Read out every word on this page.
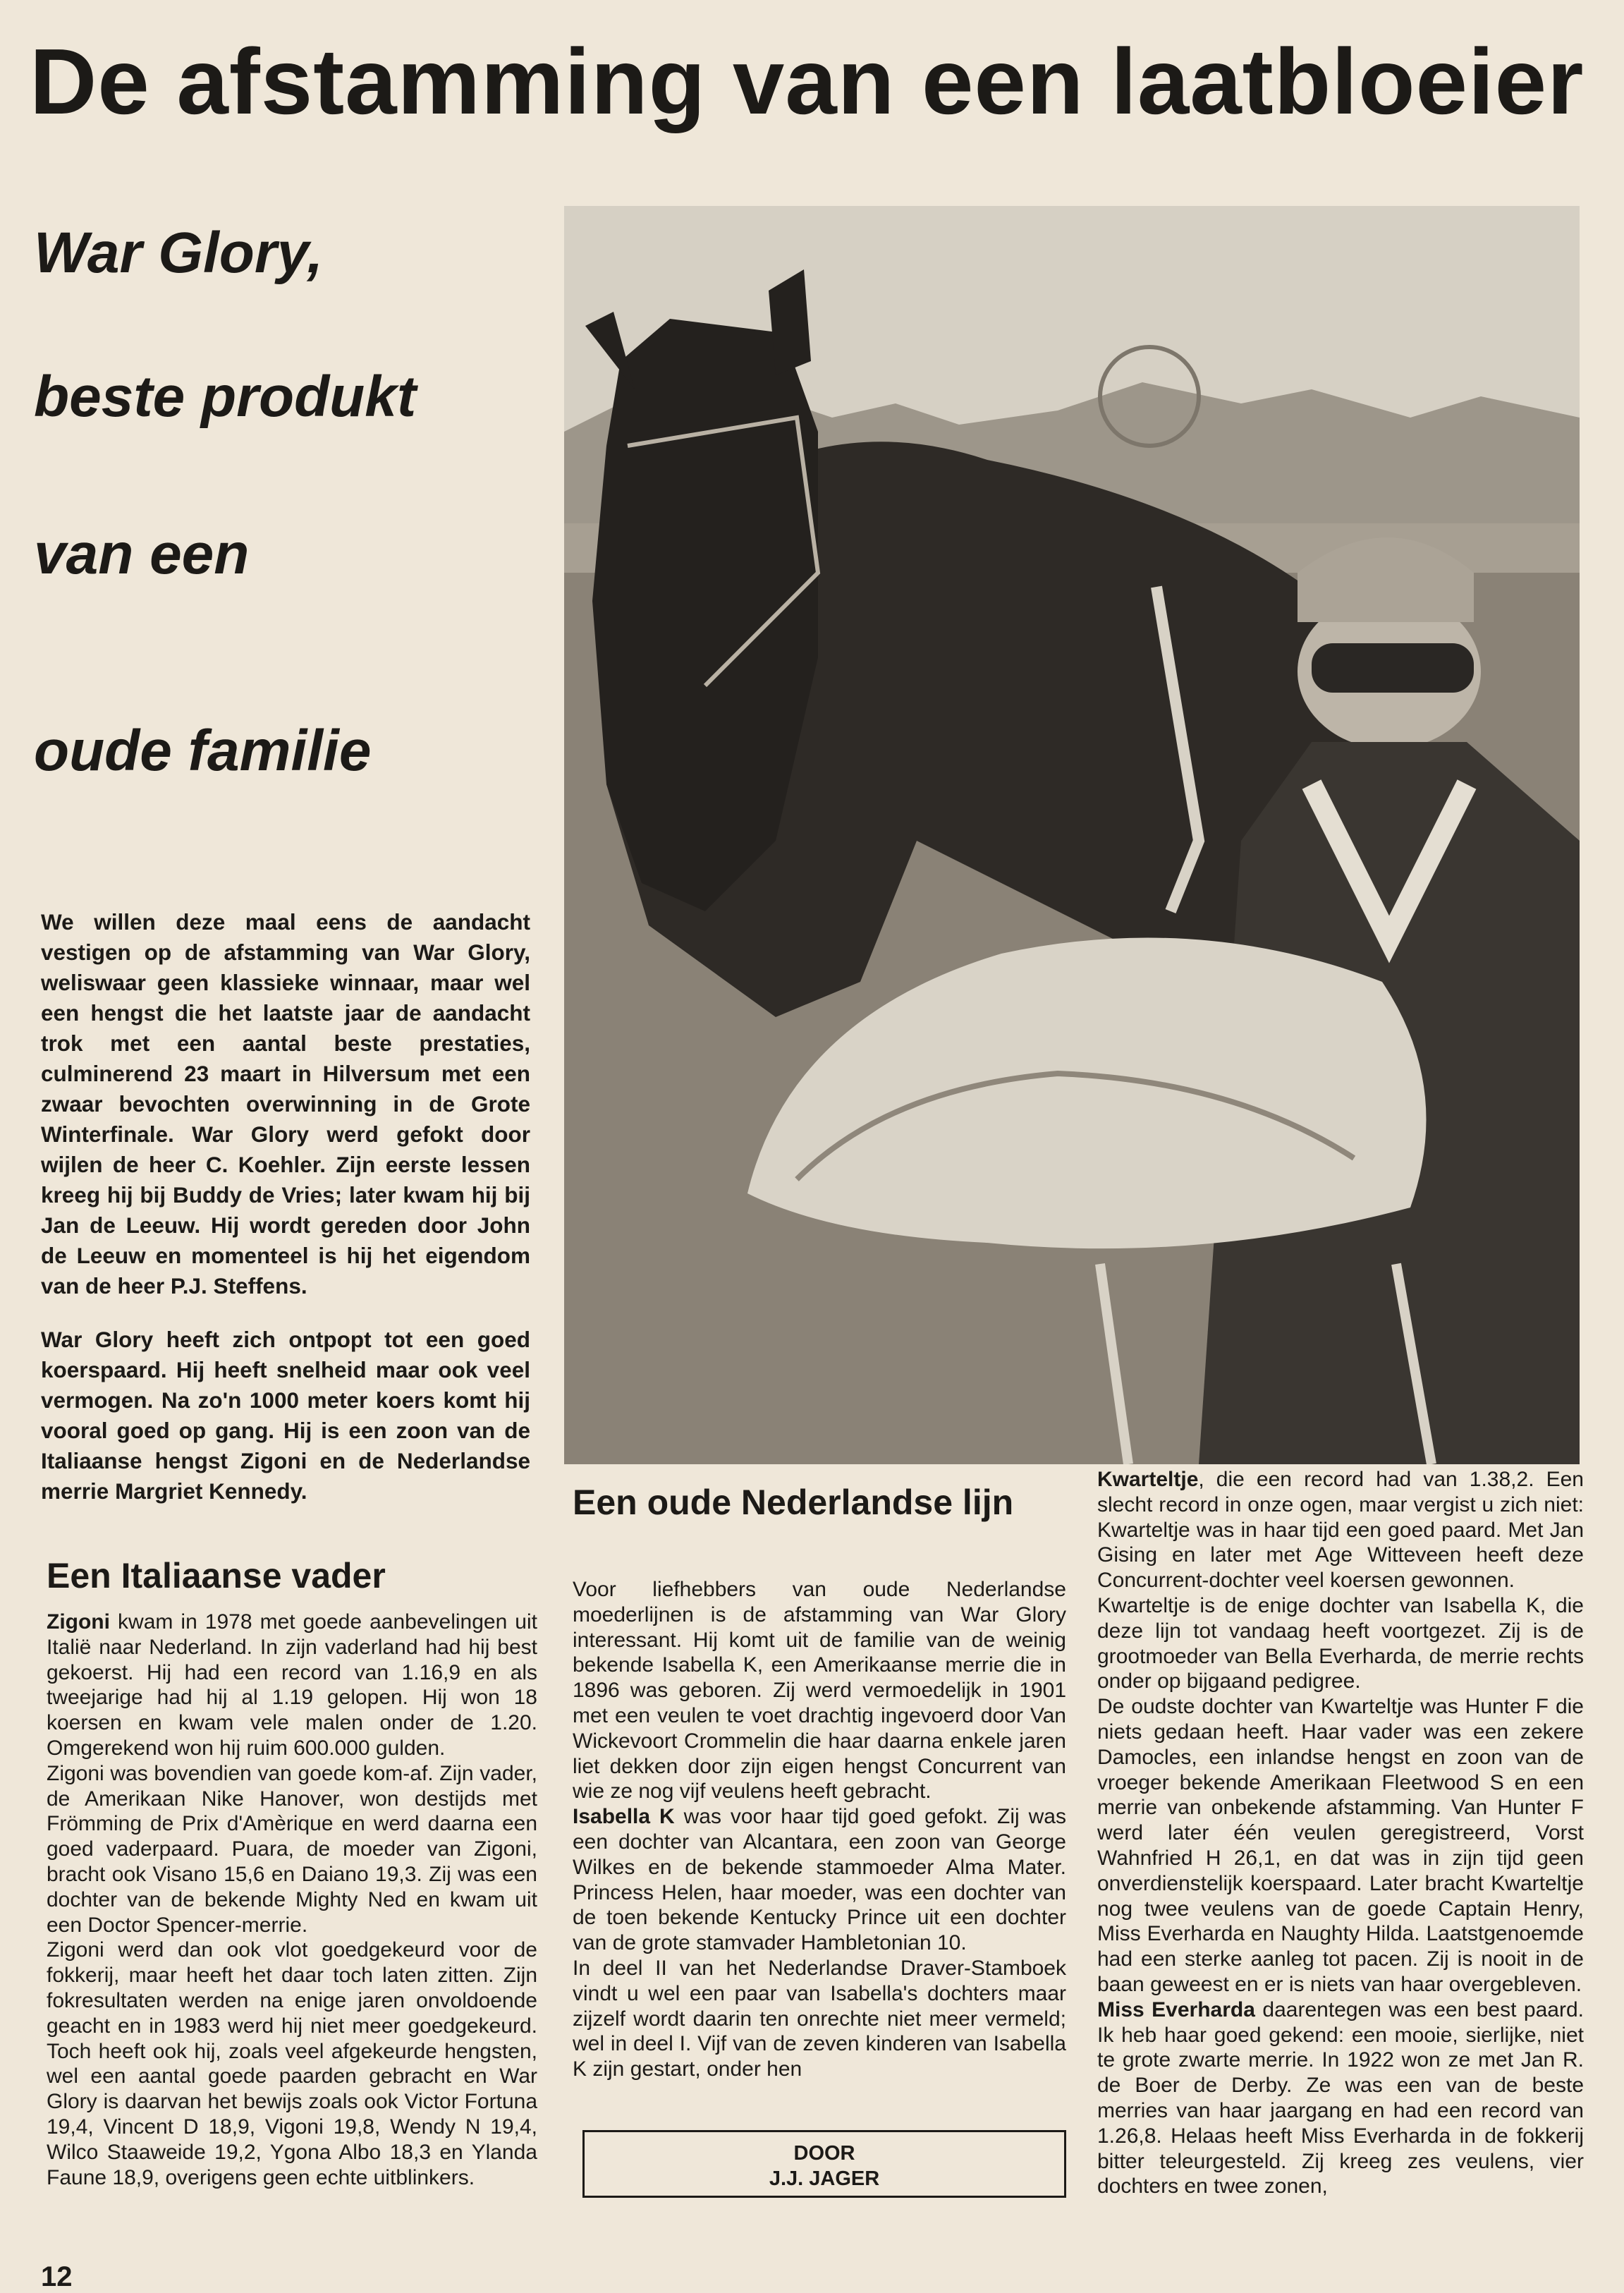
De afstamming van een laatbloeier
War Glory,
beste produkt
van een
oude familie
We willen deze maal eens de aandacht vestigen op de afstamming van War Glory, weliswaar geen klassieke winnaar, maar wel een hengst die het laatste jaar de aandacht trok met een aantal beste prestaties, culminerend 23 maart in Hilversum met een zwaar bevochten overwinning in de Grote Winterfinale. War Glory werd gefokt door wijlen de heer C. Koehler. Zijn eerste lessen kreeg hij bij Buddy de Vries; later kwam hij bij Jan de Leeuw. Hij wordt gereden door John de Leeuw en momenteel is hij het eigendom van de heer P.J. Steffens.
War Glory heeft zich ontpopt tot een goed koerspaard. Hij heeft snelheid maar ook veel vermogen. Na zo'n 1000 meter koers komt hij vooral goed op gang. Hij is een zoon van de Italiaanse hengst Zigoni en de Nederlandse merrie Margriet Kennedy.
Een Italiaanse vader

Zigoni kwam in 1978 met goede aanbevelingen uit Italië naar Nederland. In zijn vaderland had hij best gekoerst. Hij had een record van 1.16,9 en als tweejarige had hij al 1.19 gelopen. Hij won 18 koersen en kwam vele malen onder de 1.20. Omgerekend won hij ruim 600.000 gulden.

Zigoni was bovendien van goede kom-af. Zijn vader, de Amerikaan Nike Hanover, won destijds met Frömming de Prix d'Amèrique en werd daarna een goed vaderpaard. Puara, de moeder van Zigoni, bracht ook Visano 15,6 en Daiano 19,3. Zij was een dochter van de bekende Mighty Ned en kwam uit een Doctor Spencer-merrie.

Zigoni werd dan ook vlot goedgekeurd voor de fokkerij, maar heeft het daar toch laten zitten. Zijn fokresultaten werden na enige jaren onvoldoende geacht en in 1983 werd hij niet meer goedgekeurd. Toch heeft ook hij, zoals veel afgekeurde hengsten, wel een aantal goede paarden gebracht en War Glory is daarvan het bewijs zoals ook Victor Fortuna 19,4, Vincent D 18,9, Vigoni 19,8, Wendy N 19,4, Wilco Staaweide 19,2, Ygona Albo 18,3 en Ylanda Faune 18,9, overigens geen echte uitblinkers.

Een oude Nederlandse lijn

Voor liefhebbers van oude Nederlandse moederlijnen is de afstamming van War Glory interessant. Hij komt uit de familie van de weinig bekende Isabella K, een Amerikaanse merrie die in 1896 was geboren. Zij werd vermoedelijk in 1901 met een veulen te voet drachtig ingevoerd door Van Wickevoort Crommelin die haar daarna enkele jaren liet dekken door zijn eigen hengst Concurrent van wie ze nog vijf veulens heeft gebracht.

Isabella K was voor haar tijd goed gefokt. Zij was een dochter van Alcantara, een zoon van George Wilkes en de bekende stammoeder Alma Mater. Princess Helen, haar moeder, was een dochter van de toen bekende Kentucky Prince uit een dochter van de grote stamvader Hambletonian 10.

In deel II van het Nederlandse Draver-Stamboek vindt u wel een paar van Isabella's dochters maar zijzelf wordt daarin ten onrechte niet meer vermeld; wel in deel I. Vijf van de zeven kinderen van Isabella K zijn gestart, onder hen

DOOR
J.J. JAGER

Kwarteltje, die een record had van 1.38,2. Een slecht record in onze ogen, maar vergist u zich niet: Kwarteltje was in haar tijd een goed paard. Met Jan Gising en later met Age Witteveen heeft deze Concurrent-dochter veel koersen gewonnen.

Kwarteltje is de enige dochter van Isabella K, die deze lijn tot vandaag heeft voortgezet. Zij is de grootmoeder van Bella Everharda, de merrie rechts onder op bijgaand pedigree.

De oudste dochter van Kwarteltje was Hunter F die niets gedaan heeft. Haar vader was een zekere Damocles, een inlandse hengst en zoon van de vroeger bekende Amerikaan Fleetwood S en een merrie van onbekende afstamming. Van Hunter F werd later één veulen geregistreerd, Vorst Wahnfried H 26,1, en dat was in zijn tijd geen onverdienstelijk koerspaard. Later bracht Kwarteltje nog twee veulens van de goede Captain Henry, Miss Everharda en Naughty Hilda. Laatstgenoemde had een sterke aanleg tot pacen. Zij is nooit in de baan geweest en er is niets van haar overgebleven.

Miss Everharda daarentegen was een best paard. Ik heb haar goed gekend: een mooie, sierlijke, niet te grote zwarte merrie. In 1922 won ze met Jan R. de Boer de Derby. Ze was een van de beste merries van haar jaargang en had een record van 1.26,8. Helaas heeft Miss Everharda in de fokkerij bitter teleurgesteld. Zij kreeg zes veulens, vier dochters en twee zonen,

12
